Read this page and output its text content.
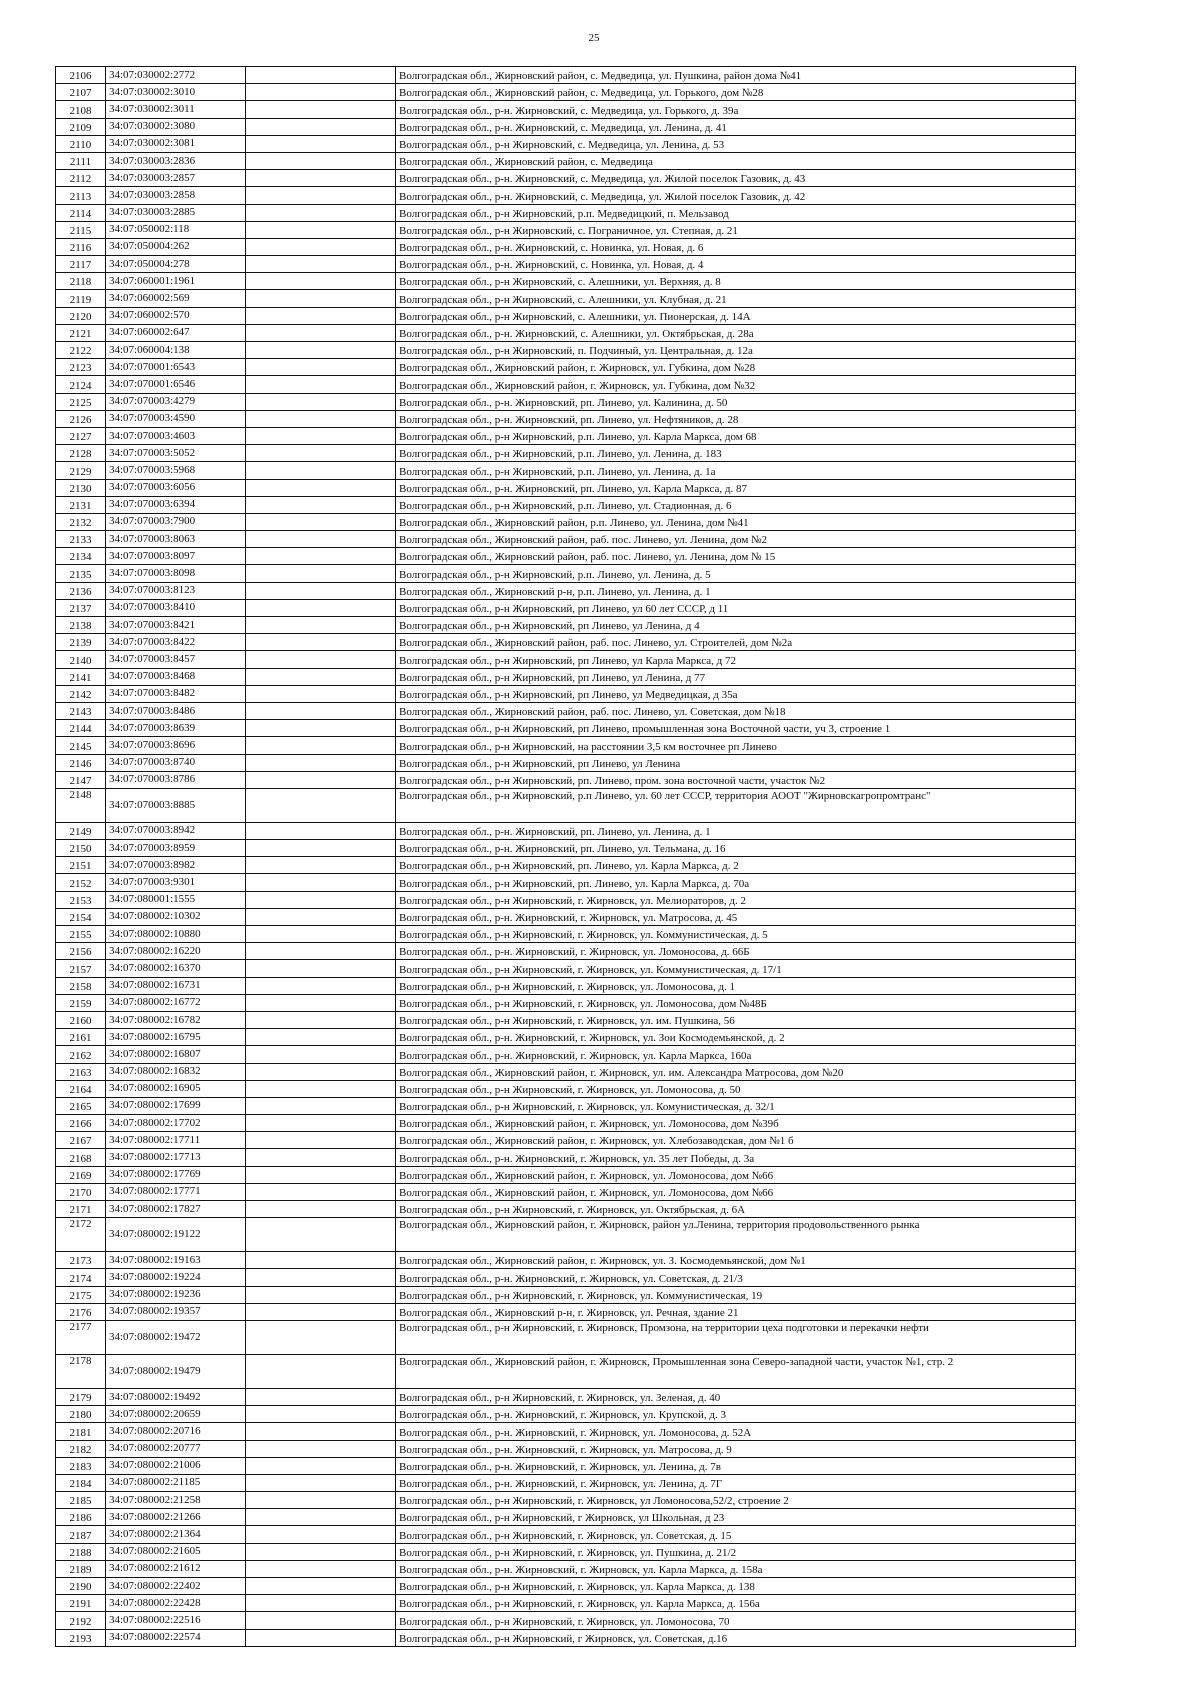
25
2106	34:07:030002:2772		Волгоградская обл., Жирновский район, с. Медведица, ул. Пушкина, район дома №41
2107	34:07:030002:3010		Волгоградская обл., Жирновский район, с. Медведица, ул. Горького, дом №28
2108	34:07:030002:3011		Волгоградская обл., р-н. Жирновский, с. Медведица, ул. Горького, д. 39а
2109	34:07:030002:3080		Волгоградская обл., р-н. Жирновский, с. Медведица, ул. Ленина, д. 41
2110	34:07:030002:3081		Волгоградская обл., р-н Жирновский, с. Медведица, ул. Ленина, д. 53
2111	34:07:030003:2836		Волгоградская обл., Жирновский район, с. Медведица
2112	34:07:030003:2857		Волгоградская обл., р-н. Жирновский, с. Медведица, ул. Жилой поселок Газовик, д. 43
2113	34:07:030003:2858		Волгоградская обл., р-н. Жирновский, с. Медведица, ул. Жилой поселок Газовик, д. 42
2114	34:07:030003:2885		Волгоградская обл., р-н Жирновский, р.п. Медведицкий, п. Мельзавод
2115	34:07:050002:118		Волгоградская обл., р-н Жирновский, с. Пограничное, ул. Степная, д. 21
2116	34:07:050004:262		Волгоградская обл., р-н. Жирновский, с. Новинка, ул. Новая, д. 6
2117	34:07:050004:278		Волгоградская обл., р-н. Жирновский, с. Новинка, ул. Новая, д. 4
2118	34:07:060001:1961		Волгоградская обл., р-н Жирновский, с. Алешники, ул. Верхняя, д. 8
2119	34:07:060002:569		Волгоградская обл., р-н Жирновский, с. Алешники, ул. Клубная, д. 21
2120	34:07:060002:570		Волгоградская обл., р-н Жирновский, с. Алешники, ул. Пионерская, д. 14А
2121	34:07:060002:647		Волгоградская обл., р-н. Жирновский, с. Алешники, ул. Октябрьская, д. 28а
2122	34:07:060004:138		Волгоградская обл., р-н Жирновский, п. Подчиный, ул. Центральная, д. 12а
2123	34:07:070001:6543		Волгоградская обл., Жирновский район, г. Жирновск, ул. Губкина, дом №28
2124	34:07:070001:6546		Волгоградская обл., Жирновский район, г. Жирновск, ул. Губкина, дом №32
2125	34:07:070003:4279		Волгоградская обл., р-н. Жирновский, рп. Линево, ул. Калинина, д. 50
2126	34:07:070003:4590		Волгоградская обл., р-н. Жирновский, рп. Линево, ул. Нефтяников, д. 28
2127	34:07:070003:4603		Волгоградская обл., р-н Жирновский, р.п. Линево, ул. Карла Маркса, дом 68
2128	34:07:070003:5052		Волгоградская обл., р-н Жирновский, р.п. Линево, ул. Ленина, д. 183
2129	34:07:070003:5968		Волгоградская обл., р-н Жирновский, р.п. Линево, ул. Ленина, д. 1а
2130	34:07:070003:6056		Волгоградская обл., р-н. Жирновский, рп. Линево, ул. Карла Маркса, д. 87
2131	34:07:070003:6394		Волгоградская обл., р-н Жирновский, р.п. Линево, ул. Стадионная, д. 6
2132	34:07:070003:7900		Волгоградская обл., Жирновский район, р.п. Линево, ул. Ленина, дом №41
2133	34:07:070003:8063		Волгоградская обл., Жирновский район, раб. пос. Линево, ул. Ленина, дом №2
2134	34:07:070003:8097		Волгоградская обл., Жирновский район, раб. пос. Линево, ул. Ленина, дом № 15
2135	34:07:070003:8098		Волгоградская обл., р-н Жирновский, р.п. Линево, ул. Ленина, д. 5
2136	34:07:070003:8123		Волгоградская обл., Жирновский р-н, р.п. Линево, ул. Ленина, д. 1
2137	34:07:070003:8410		Волгоградская обл., р-н Жирновский, рп Линево, ул 60 лет СССР, д 11
2138	34:07:070003:8421		Волгоградская обл., р-н Жирновский, рп Линево, ул Ленина, д 4
2139	34:07:070003:8422		Волгоградская обл., Жирновский район, раб. пос. Линево, ул. Строителей, дом №2а
2140	34:07:070003:8457		Волгоградская обл., р-н Жирновский, рп Линево, ул Карла Маркса, д 72
2141	34:07:070003:8468		Волгоградская обл., р-н Жирновский, рп Линево, ул Ленина, д 77
2142	34:07:070003:8482		Волгоградская обл., р-н Жирновский, рп Линево, ул Медведицкая, д 35а
2143	34:07:070003:8486		Волгоградская обл., Жирновский район, раб. пос. Линево, ул. Советская, дом №18
2144	34:07:070003:8639		Волгоградская обл., р-н Жирновский, рп Линево, промышленная зона Восточной части, уч 3, строение 1
2145	34:07:070003:8696		Волгоградская обл., р-н Жирновский, на расстоянии 3,5 км восточнее рп Линево
2146	34:07:070003:8740		Волгоградская обл., р-н Жирновский, рп Линево, ул Ленина
2147	34:07:070003:8786		Волгоградская обл., р-н Жирновский, рп. Линево, пром. зона восточной части, участок №2
2148	34:07:070003:8885		Волгоградская обл., р-н Жирновский, р.п Линево, ул. 60 лет СССР, территория АООТ "Жирновскагропромтранс"
2149	34:07:070003:8942		Волгоградская обл., р-н. Жирновский, рп. Линево, ул. Ленина, д. 1
2150	34:07:070003:8959		Волгоградская обл., р-н. Жирновский, рп. Линево, ул. Тельмана, д. 16
2151	34:07:070003:8982		Волгоградская обл., р-н Жирновский, рп. Линево, ул. Карла Маркса, д. 2
2152	34:07:070003:9301		Волгоградская обл., р-н Жирновский, рп. Линево, ул. Карла Маркса, д. 70а
2153	34:07:080001:1555		Волгоградская обл., р-н Жирновский, г. Жирновск, ул. Мелиораторов, д. 2
2154	34:07:080002:10302		Волгоградская обл., р-н. Жирновский, г. Жирновск, ул. Матросова, д. 45
2155	34:07:080002:10880		Волгоградская обл., р-н Жирновский, г. Жирновск, ул. Коммунистическая, д. 5
2156	34:07:080002:16220		Волгоградская обл., р-н. Жирновский, г. Жирновск, ул. Ломоносова, д. 66Б
2157	34:07:080002:16370		Волгоградская обл., р-н Жирновский, г. Жирновск, ул. Коммунистическая, д. 17/1
2158	34:07:080002:16731		Волгоградская обл., р-н Жирновский, г. Жирновск, ул. Ломоносова, д. 1
2159	34:07:080002:16772		Волгоградская обл., р-н Жирновский, г. Жирновск, ул. Ломоносова, дом №48Б
2160	34:07:080002:16782		Волгоградская обл., р-н Жирновский, г. Жирновск, ул. им. Пушкина, 56
2161	34:07:080002:16795		Волгоградская обл., р-н. Жирновский, г. Жирновск, ул. Зои Космодемьянской, д. 2
2162	34:07:080002:16807		Волгоградская обл., р-н. Жирновский, г. Жирновск, ул. Карла Маркса, 160а
2163	34:07:080002:16832		Волгоградская обл., Жирновский район, г. Жирновск, ул. им. Александра Матросова, дом №20
2164	34:07:080002:16905		Волгоградская обл., р-н Жирновский, г. Жирновск, ул. Ломоносова, д. 50
2165	34:07:080002:17699		Волгоградская обл., р-н Жирновский, г. Жирновск, ул. Комунистическая, д. 32/1
2166	34:07:080002:17702		Волгоградская обл., Жирновский район, г. Жирновск, ул. Ломоносова, дом №39б
2167	34:07:080002:17711		Волгоградская обл., Жирновский район, г. Жирновск, ул. Хлебозаводская, дом №1 б
2168	34:07:080002:17713		Волгоградская обл., р-н. Жирновский, г. Жирновск, ул. 35 лет Победы, д. 3а
2169	34:07:080002:17769		Волгоградская обл., Жирновский район, г. Жирновск, ул. Ломоносова, дом №66
2170	34:07:080002:17771		Волгоградская обл., Жирновский район, г. Жирновск, ул. Ломоносова, дом №66
2171	34:07:080002:17827		Волгоградская обл., р-н Жирновский, г. Жирновск, ул. Октябрьская, д. 6А
2172	34:07:080002:19122		Волгоградская обл., Жирновский район, г. Жирновск, район ул.Ленина, территория продовольственного рынка
2173	34:07:080002:19163		Волгоградская обл., Жирновский район, г. Жирновск, ул. З. Космодемьянской, дом №1
2174	34:07:080002:19224		Волгоградская обл., р-н. Жирновский, г. Жирновск, ул. Советская, д. 21/3
2175	34:07:080002:19236		Волгоградская обл., р-н Жирновский, г. Жирновск, ул. Коммунистическая, 19
2176	34:07:080002:19357		Волгоградская обл., Жирновский р-н, г. Жирновск, ул. Речная, здание 21
2177	34:07:080002:19472		Волгоградская обл., р-н Жирновский, г. Жирновск, Промзона, на территории цеха подготовки и перекачки нефти
2178	34:07:080002:19479		Волгоградская обл., Жирновский район, г. Жирновск, Промышленная зона Северо-западной части, участок №1, стр. 2
2179	34:07:080002:19492		Волгоградская обл., р-н Жирновский, г. Жирновск, ул. Зеленая, д. 40
2180	34:07:080002:20659		Волгоградская обл., р-н. Жирновский, г. Жирновск, ул. Крупской, д. 3
2181	34:07:080002:20716		Волгоградская обл., р-н. Жирновский, г. Жирновск, ул. Ломоносова, д. 52А
2182	34:07:080002:20777		Волгоградская обл., р-н. Жирновский, г. Жирновск, ул. Матросова, д. 9
2183	34:07:080002:21006		Волгоградская обл., р-н. Жирновский, г. Жирновск, ул. Ленина, д. 7в
2184	34:07:080002:21185		Волгоградская обл., р-н. Жирновский, г. Жирновск, ул. Ленина, д. 7Г
2185	34:07:080002:21258		Волгоградская обл., р-н Жирновский, г. Жирновск, ул Ломоносова,52/2, строение 2
2186	34:07:080002:21266		Волгоградская обл., р-н Жирновский, г Жирновск, ул Школьная, д 23
2187	34:07:080002:21364		Волгоградская обл., р-н Жирновский, г. Жирновск, ул. Советская, д. 15
2188	34:07:080002:21605		Волгоградская обл., р-н Жирновский, г. Жирновск, ул. Пушкина, д. 21/2
2189	34:07:080002:21612		Волгоградская обл., р-н. Жирновский, г. Жирновск, ул. Карла Маркса, д. 158а
2190	34:07:080002:22402		Волгоградская обл., р-н Жирновский, г. Жирновск, ул. Карла Маркса, д. 138
2191	34:07:080002:22428		Волгоградская обл., р-н Жирновский, г. Жирновск, ул. Карла Маркса, д. 156а
2192	34:07:080002:22516		Волгоградская обл., р-н Жирновский, г. Жирновск, ул. Ломоносова, 70
2193	34:07:080002:22574		Волгоградская обл., р-н Жирновский, г Жирновск, ул. Советская, д.16
